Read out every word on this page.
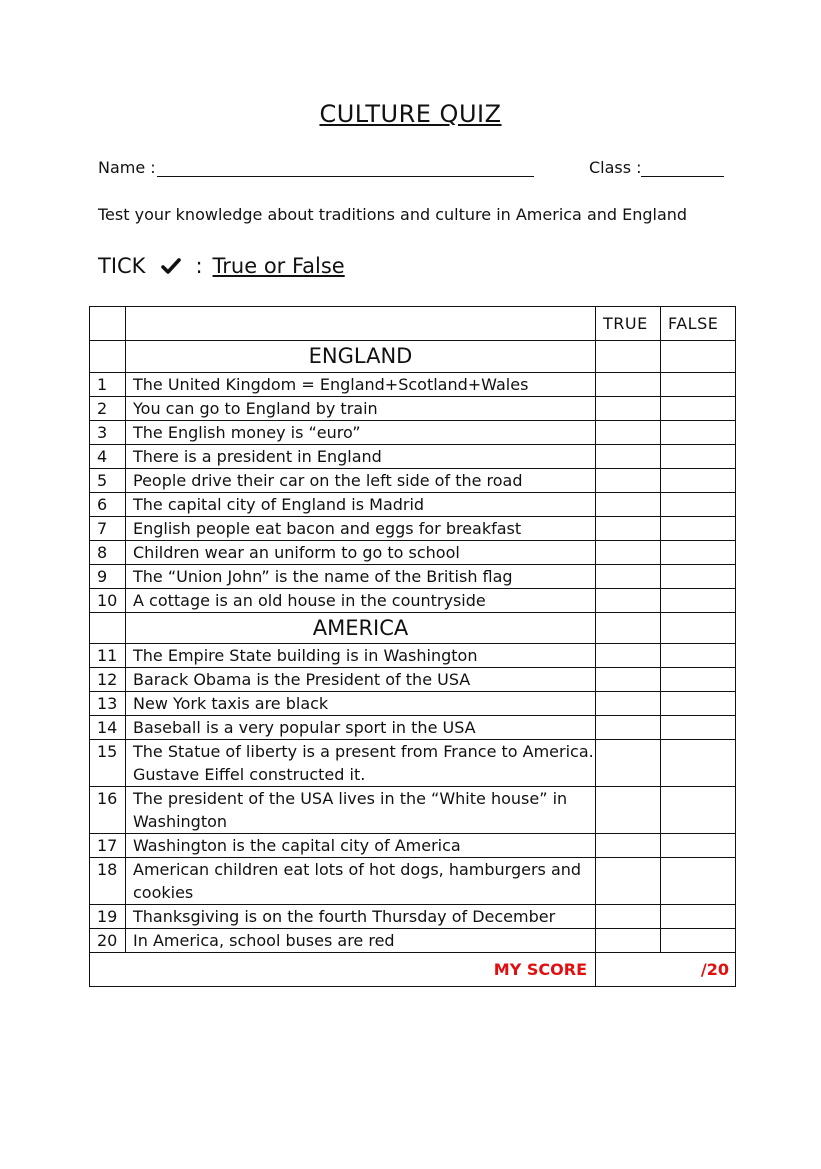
CULTURE QUIZ
Name :	Class :
Test your knowledge about traditions and culture in America and England
TICK : True or False
		TRUE	FALSE
	ENGLAND		
1	The United Kingdom = England+Scotland+Wales		
2	You can go to England by train		
3	The English money is “euro”		
4	There is a president in England		
5	People drive their car on the left side of the road		
6	The capital city of England is Madrid		
7	English people eat bacon and eggs for breakfast		
8	Children wear an uniform to go to school		
9	The “Union John” is the name of the British flag		
10	A cottage is an old house in the countryside		
	AMERICA		
11	The Empire State building is in Washington		
12	Barack Obama is the President of the USA		
13	New York taxis are black		
14	Baseball is a very popular sport in the USA		
15	The Statue of liberty is a present from France to America. Gustave Eiffel constructed it.		
16	The president of the USA lives in the “White house” in Washington		
17	Washington is the capital city of America		
18	American children eat lots of hot dogs, hamburgers and cookies		
19	Thanksgiving is on the fourth Thursday of December		
20	In America, school buses are red		
MY SCORE		/20	
